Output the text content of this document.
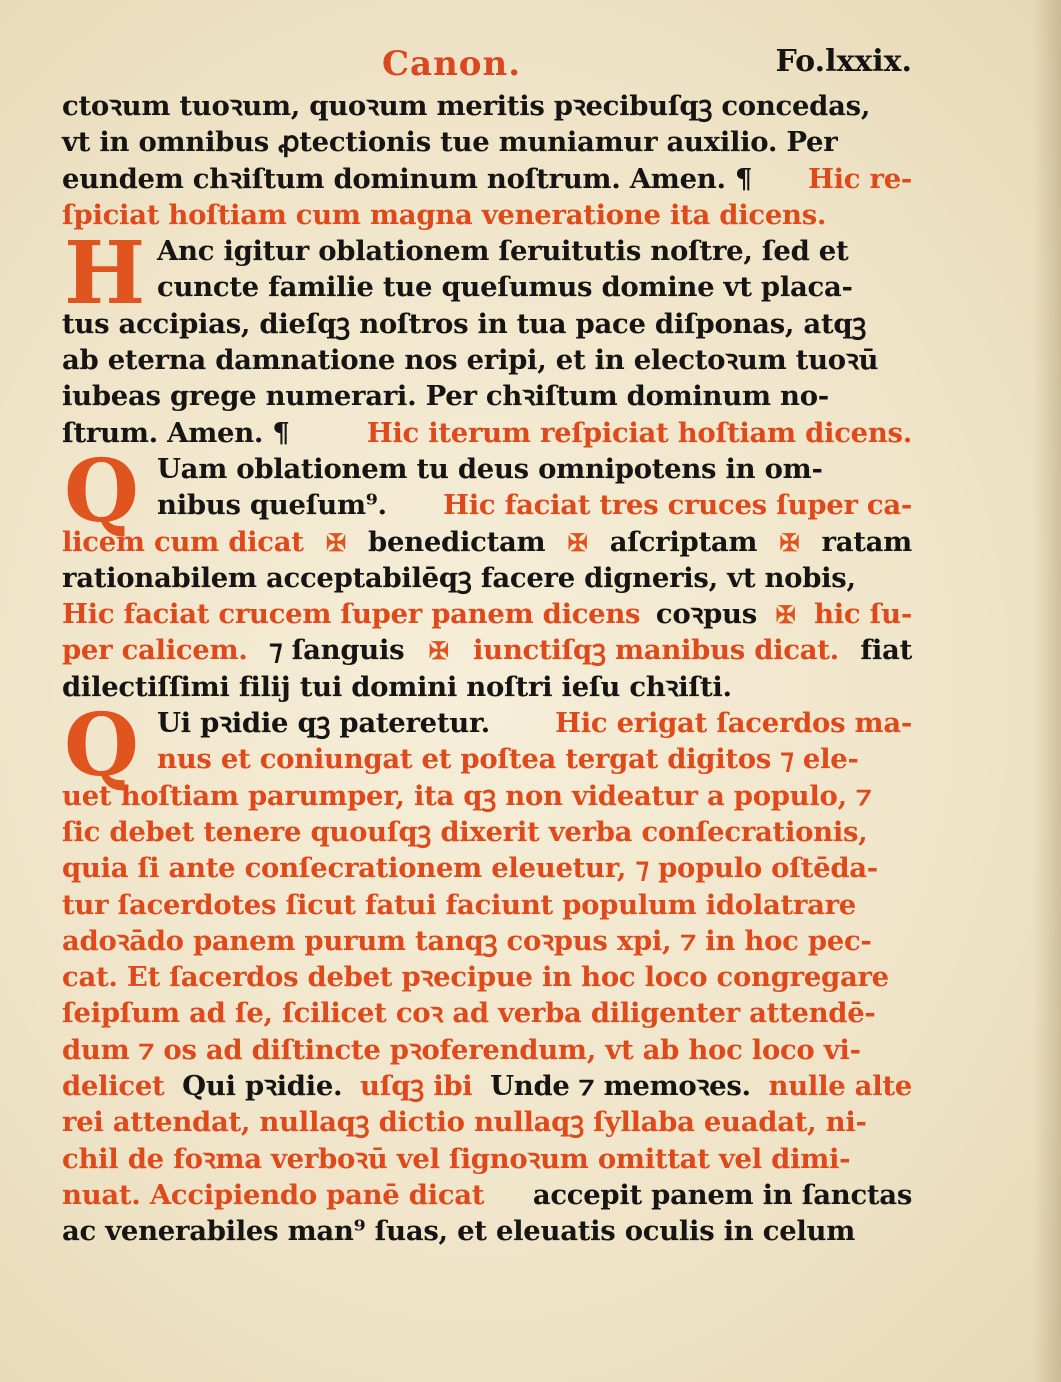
Canon.	Fo.lxxix.
H
Q
Q
ctoꝛum tuoꝛum, quoꝛum meritis pꝛecibuſqꝫ concedas,
vt in omnibus ꝓtectionis tue muniamur auxilio. Per
eundem chꝛiſtum dominum noſtrum. Amen. ¶ Hic re-
ſpiciat hoſtiam cum magna veneratione ita dicens.
Anc igitur oblationem ſeruitutis noſtre, ſed et
cuncte familie tue queſumus domine vt placa-
tus accipias, dieſqꝫ noſtros in tua pace diſponas, atqꝫ
ab eterna damnatione nos eripi, et in electoꝛum tuoꝛū
iubeas grege numerari. Per chꝛiſtum dominum no-
ſtrum. Amen. ¶	Hic iterum reſpiciat hoſtiam dicens.
Uam oblationem tu deus omnipotens in om-
nibus queſum⁹. Hic faciat tres cruces ſuper ca-
licem cum dicat ✠ benedictam ✠ aſcriptam ✠ ratam
rationabilem acceptabilēqꝫ facere digneris, vt nobis,
Hic faciat crucem ſuper panem dicens coꝛpus ✠ hic ſu-
per calicem. ⁊ ſanguis ✠ iunctiſqꝫ manibus dicat. fiat
dilectiſſimi filij tui domini noſtri ieſu chꝛiſti.
Ui pꝛidie qꝫ pateretur. Hic erigat ſacerdos ma-
nus et coniungat et poſtea tergat digitos ⁊ ele-
uet hoſtiam parumper, ita qꝫ non videatur a populo, ⁊
ſic debet tenere quouſqꝫ dixerit verba conſecrationis,
quia ſi ante conſecrationem eleuetur, ⁊ populo oſtēda-
tur ſacerdotes ſicut fatui faciunt populum idolatrare
adoꝛādo panem purum tanqꝫ coꝛpus xpi, ⁊ in hoc pec-
cat. Et ſacerdos debet pꝛecipue in hoc loco congregare
ſeipſum ad ſe, ſcilicet coꝛ ad verba diligenter attendē-
dum ⁊ os ad diſtincte pꝛoferendum, vt ab hoc loco vi-
delicet Qui pꝛidie. uſqꝫ ibi Unde ⁊ memoꝛes. nulle alte
rei attendat, nullaqꝫ dictio nullaqꝫ ſyllaba euadat, ni-
chil de foꝛma verboꝛū vel ſignoꝛum omittat vel dimi-
nuat. Accipiendo panē dicat accepit panem in ſanctas
ac venerabiles man⁹ ſuas, et eleuatis oculis in celum
